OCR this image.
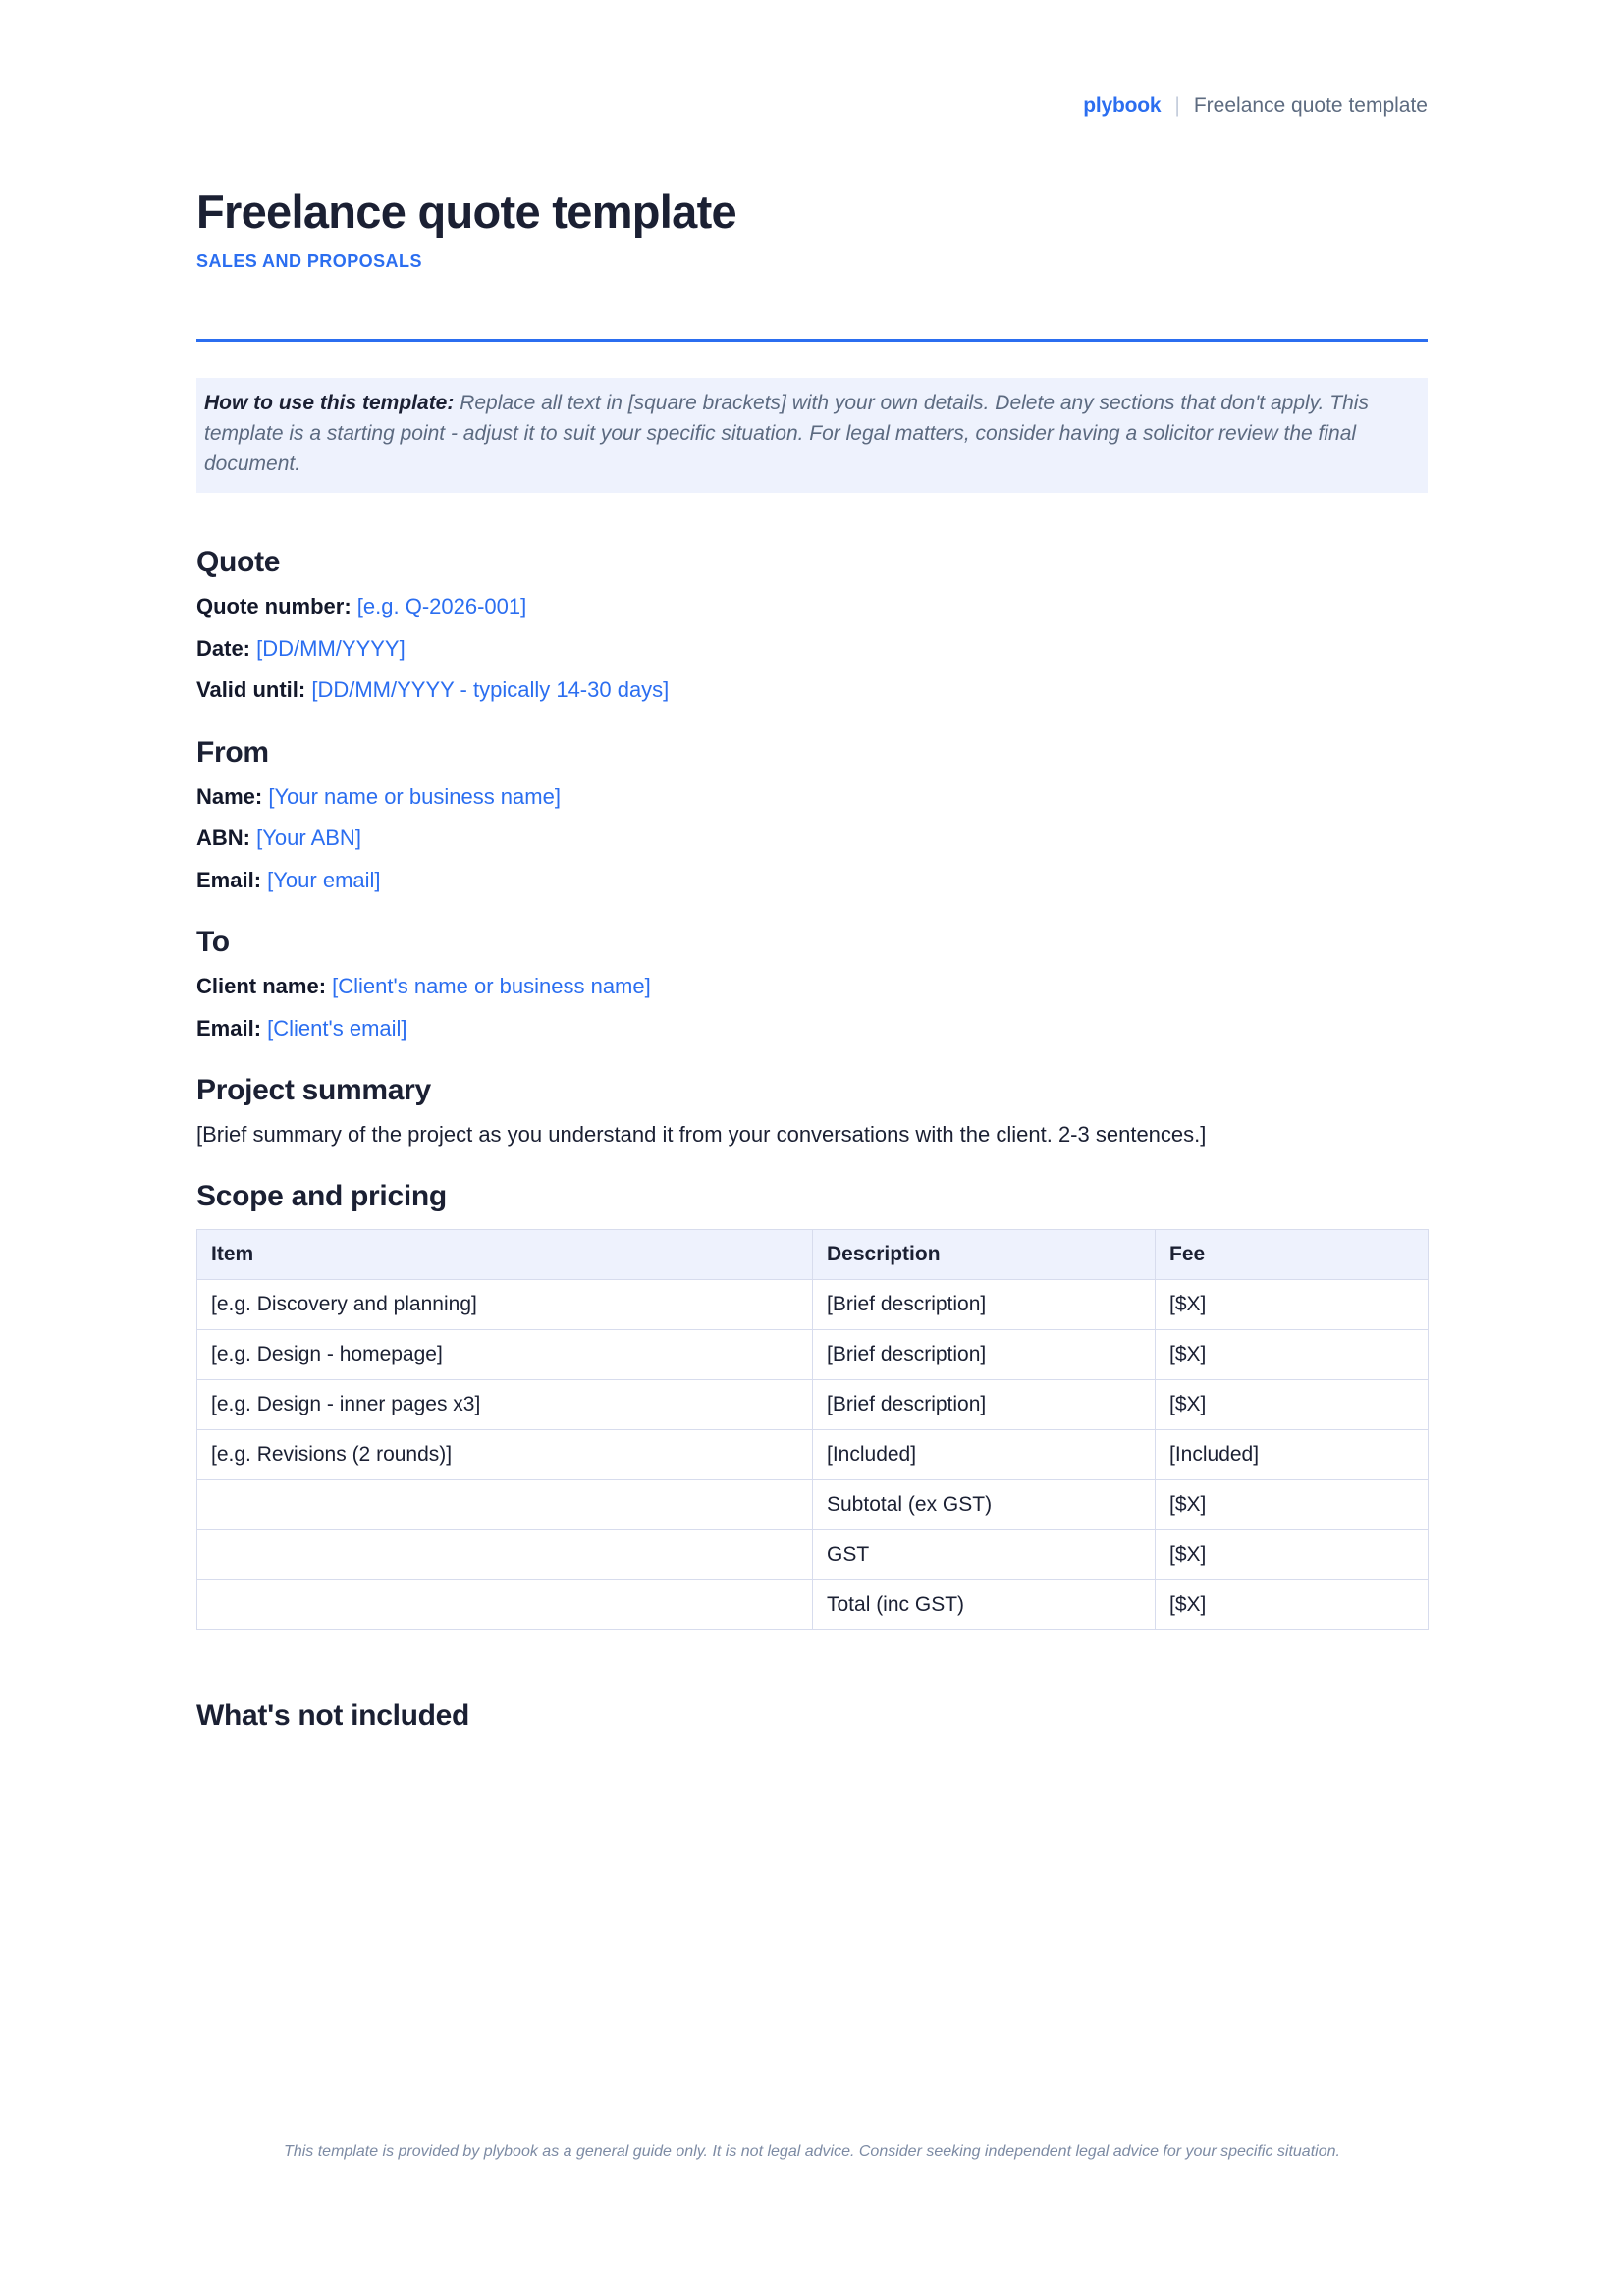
plybook | Freelance quote template
Freelance quote template
SALES AND PROPOSALS
How to use this template: Replace all text in [square brackets] with your own details. Delete any sections that don't apply. This template is a starting point - adjust it to suit your specific situation. For legal matters, consider having a solicitor review the final document.
Quote
Quote number: [e.g. Q-2026-001]
Date: [DD/MM/YYYY]
Valid until: [DD/MM/YYYY - typically 14-30 days]
From
Name: [Your name or business name]
ABN: [Your ABN]
Email: [Your email]
To
Client name: [Client's name or business name]
Email: [Client's email]
Project summary
[Brief summary of the project as you understand it from your conversations with the client. 2-3 sentences.]
Scope and pricing
Item	Description	Fee
[e.g. Discovery and planning]	[Brief description]	[$X]
[e.g. Design - homepage]	[Brief description]	[$X]
[e.g. Design - inner pages x3]	[Brief description]	[$X]
[e.g. Revisions (2 rounds)]	[Included]	[Included]
	Subtotal (ex GST)	[$X]
	GST	[$X]
	Total (inc GST)	[$X]
What's not included
This template is provided by plybook as a general guide only. It is not legal advice. Consider seeking independent legal advice for your specific situation.
